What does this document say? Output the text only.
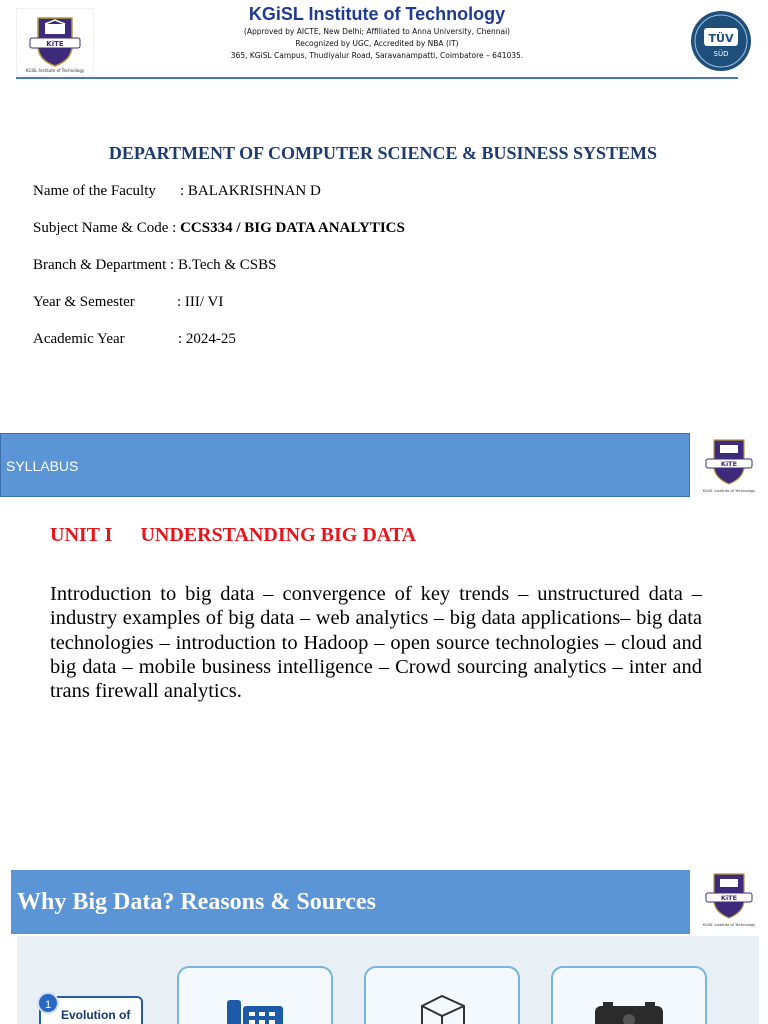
KiTE
KGiSL Institute of Technology
KGiSL Institute of Technology
(Approved by AICTE, New Delhi; Affiliated to Anna University, Chennai)
Recognized by UGC, Accredited by NBA (IT)
365, KGiSL Campus, Thudiyalur Road, Saravanampatti, Coimbatore – 641035.
TÜV
SÜD
DEPARTMENT OF COMPUTER SCIENCE & BUSINESS SYSTEMS
Name of the Faculty : BALAKRISHNAN D
Subject Name & Code : CCS334 / BIG DATA ANALYTICS
Branch & Department : B.Tech & CSBS
Year & Semester	: III/ VI
Academic Year	: 2024-25
SYLLABUS	KiTE
KGiSL Institute of Technology
UNIT I UNDERSTANDING BIG DATA
Introduction to big data – convergence of key trends – unstructured data – industry examples of big data – web analytics – big data applications– big data technologies – introduction to Hadoop – open source technologies – cloud and big data – mobile business intelligence – Crowd sourcing analytics – inter and trans firewall analytics.
Why Big Data? Reasons & Sources	KiTE
KGiSL Institute of Technology
Evolution of
1
